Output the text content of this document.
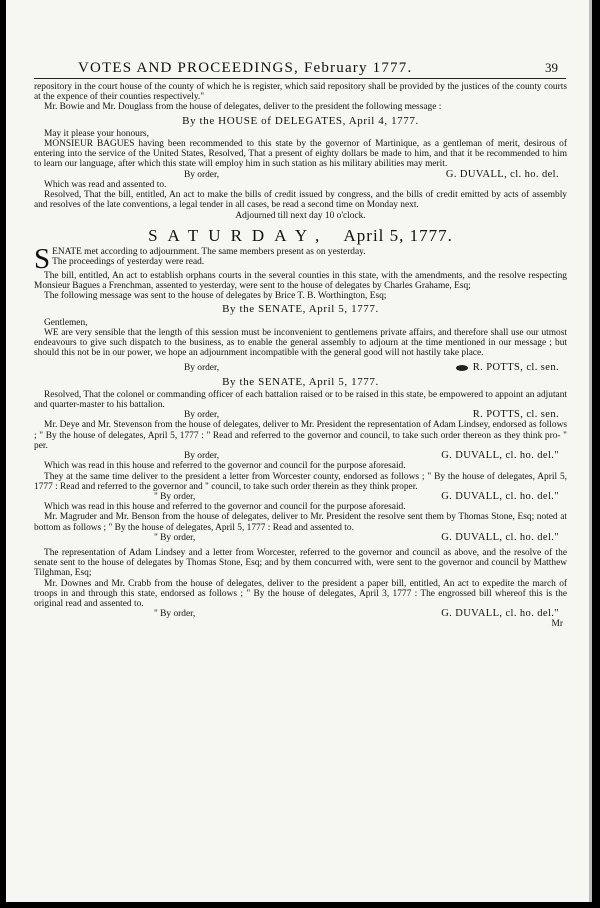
VOTES AND PROCEEDINGS, February 1777.	39

repository in the court house of the county of which he is register, which said repository shall be provided by the justices of the county courts at the expence of their counties respectively."

Mr. Bowie and Mr. Douglass from the house of delegates, deliver to the president the following message :

By the HOUSE of DELEGATES, April 4, 1777.

May it please your honours,

MONSIEUR BAGUES having been recommended to this state by the governor of Martinique, as a gentleman of merit, desirous of entering into the service of the United States, Resolved, That a present of eighty dollars be made to him, and that it be recommended to him to learn our language, after which this state will employ him in such station as his military abilities may merit.

By order,	G. DUVALL, cl. ho. del.

Which was read and assented to.

Resolved, That the bill, entitled, An act to make the bills of credit issued by congress, and the bills of credit emitted by acts of assembly and resolves of the late conventions, a legal tender in all cases, be read a second time on Monday next.

Adjourned till next day 10 o'clock.
SATURDAY, April 5, 1777.

S ENATE met according to adjournment. The same members present as on yesterday.

The proceedings of yesterday were read.

The bill, entitled, An act to establish orphans courts in the several counties in this state, with the amendments, and the resolve respecting Monsieur Bagues a Frenchman, assented to yesterday, were sent to the house of delegates by Charles Grahame, Esq;

The following message was sent to the house of delegates by Brice T. B. Worthington, Esq;

By the SENATE, April 5, 1777.

Gentlemen,

WE are very sensible that the length of this session must be inconvenient to gentlemens private affairs, and therefore shall use our utmost endeavours to give such dispatch to the business, as to enable the general assembly to adjourn at the time mentioned in our message ; but should this not be in our power, we hope an adjournment incompatible with the general good will not hastily take place.

By order,	R. POTTS, cl. sen.
By the SENATE, April 5, 1777.

Resolved, That the colonel or commanding officer of each battalion raised or to be raised in this state, be empowered to appoint an adjutant and quarter-master to his battalion.

By order,	R. POTTS, cl. sen.

Mr. Deye and Mr. Stevenson from the house of delegates, deliver to Mr. President the representation of Adam Lindsey, endorsed as follows ; " By the house of delegates, April 5, 1777 : " Read and referred to the governor and council, to take such order thereon as they think pro- " per.

By order,	G. DUVALL, cl. ho. del."

Which was read in this house and referred to the governor and council for the purpose aforesaid.

They at the same time deliver to the president a letter from Worcester county, endorsed as follows ; " By the house of delegates, April 5, 1777 : Read and referred to the governor and " council, to take such order therein as they think proper.

" By order,	G. DUVALL, cl. ho. del."

Which was read in this house and referred to the governor and council for the purpose aforesaid.

Mr. Magruder and Mr. Benson from the house of delegates, deliver to Mr. President the resolve sent them by Thomas Stone, Esq; noted at bottom as follows ; " By the house of delegates, April 5, 1777 : Read and assented to.

" By order,	G. DUVALL, cl. ho. del."

The representation of Adam Lindsey and a letter from Worcester, referred to the governor and council as above, and the resolve of the senate sent to the house of delegates by Thomas Stone, Esq; and by them concurred with, were sent to the governor and council by Matthew Tilghman, Esq;

Mr. Downes and Mr. Crabb from the house of delegates, deliver to the president a paper bill, entitled, An act to expedite the march of troops in and through this state, endorsed as follows ; " By the house of delegates, April 3, 1777 : The engrossed bill whereof this is the original read and assented to.

" By order,	G. DUVALL, cl. ho. del."
Mr
